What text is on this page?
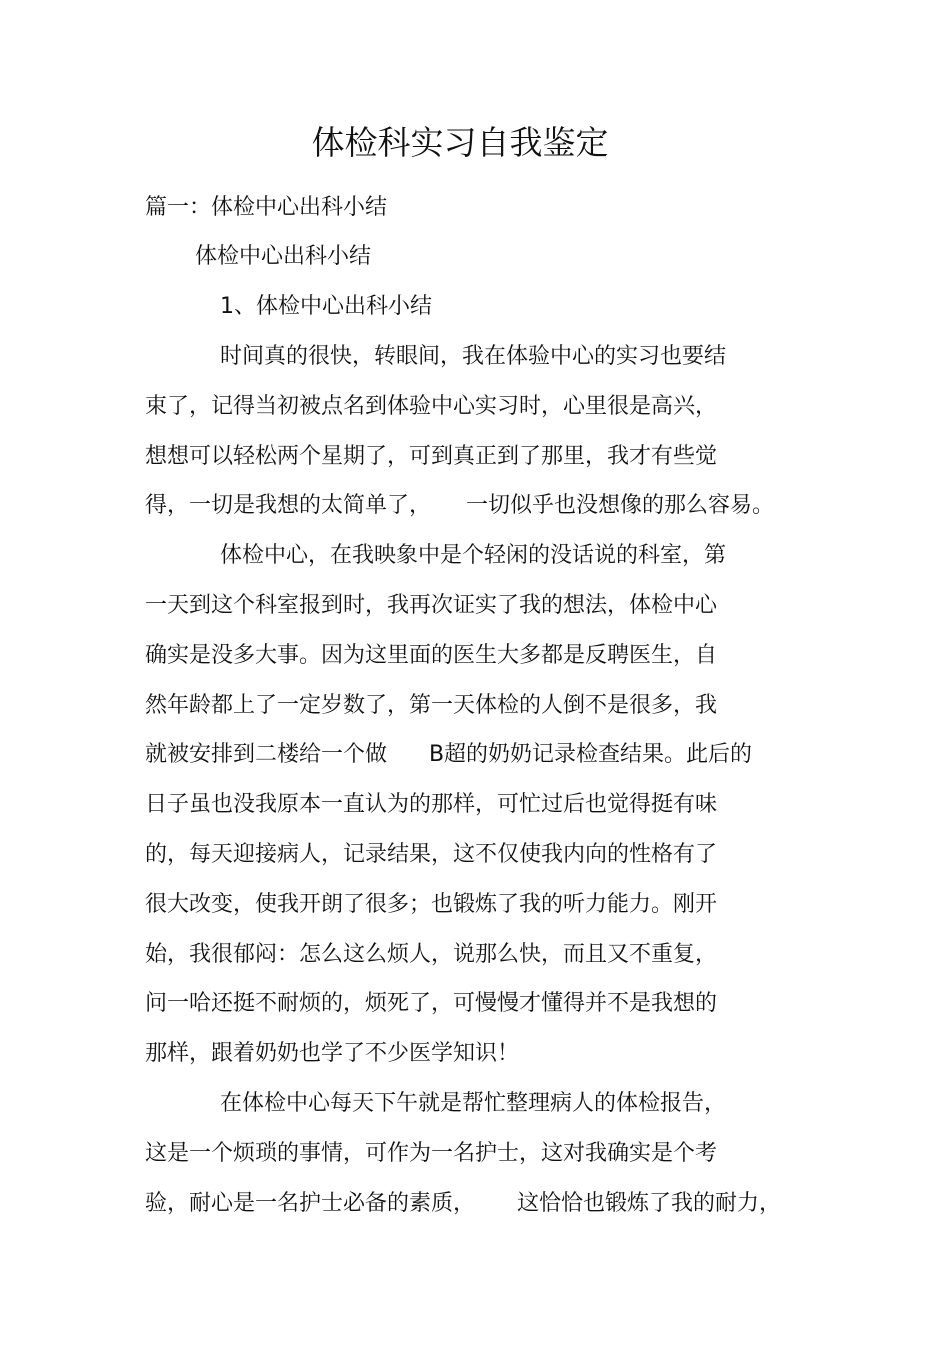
体检科实习自我鉴定
篇一：体检中心出科小结
体检中心出科小结
1、体检中心出科小结
时间真的很快，转眼间，我在体验中心的实习也要结
束了，记得当初被点名到体验中心实习时，心里很是高兴，
想想可以轻松两个星期了，可到真正到了那里，我才有些觉
得，一切是我想的太简单了，     一切似乎也没想像的那么容易。
体检中心，在我映象中是个轻闲的没话说的科室，第
一天到这个科室报到时，我再次证实了我的想法，体检中心
确实是没多大事。因为这里面的医生大多都是反聘医生，自
然年龄都上了一定岁数了，第一天体检的人倒不是很多，我
就被安排到二楼给一个做      B超的奶奶记录检查结果。此后的
日子虽也没我原本一直认为的那样，可忙过后也觉得挺有味
的，每天迎接病人，记录结果，这不仅使我内向的性格有了
很大改变，使我开朗了很多；也锻炼了我的听力能力。刚开
始，我很郁闷：怎么这么烦人，说那么快，而且又不重复，
问一哈还挺不耐烦的，烦死了，可慢慢才懂得并不是我想的
那样，跟着奶奶也学了不少医学知识！
在体检中心每天下午就是帮忙整理病人的体检报告，
这是一个烦琐的事情，可作为一名护士，这对我确实是个考
验，耐心是一名护士必备的素质，      这恰恰也锻炼了我的耐力，
